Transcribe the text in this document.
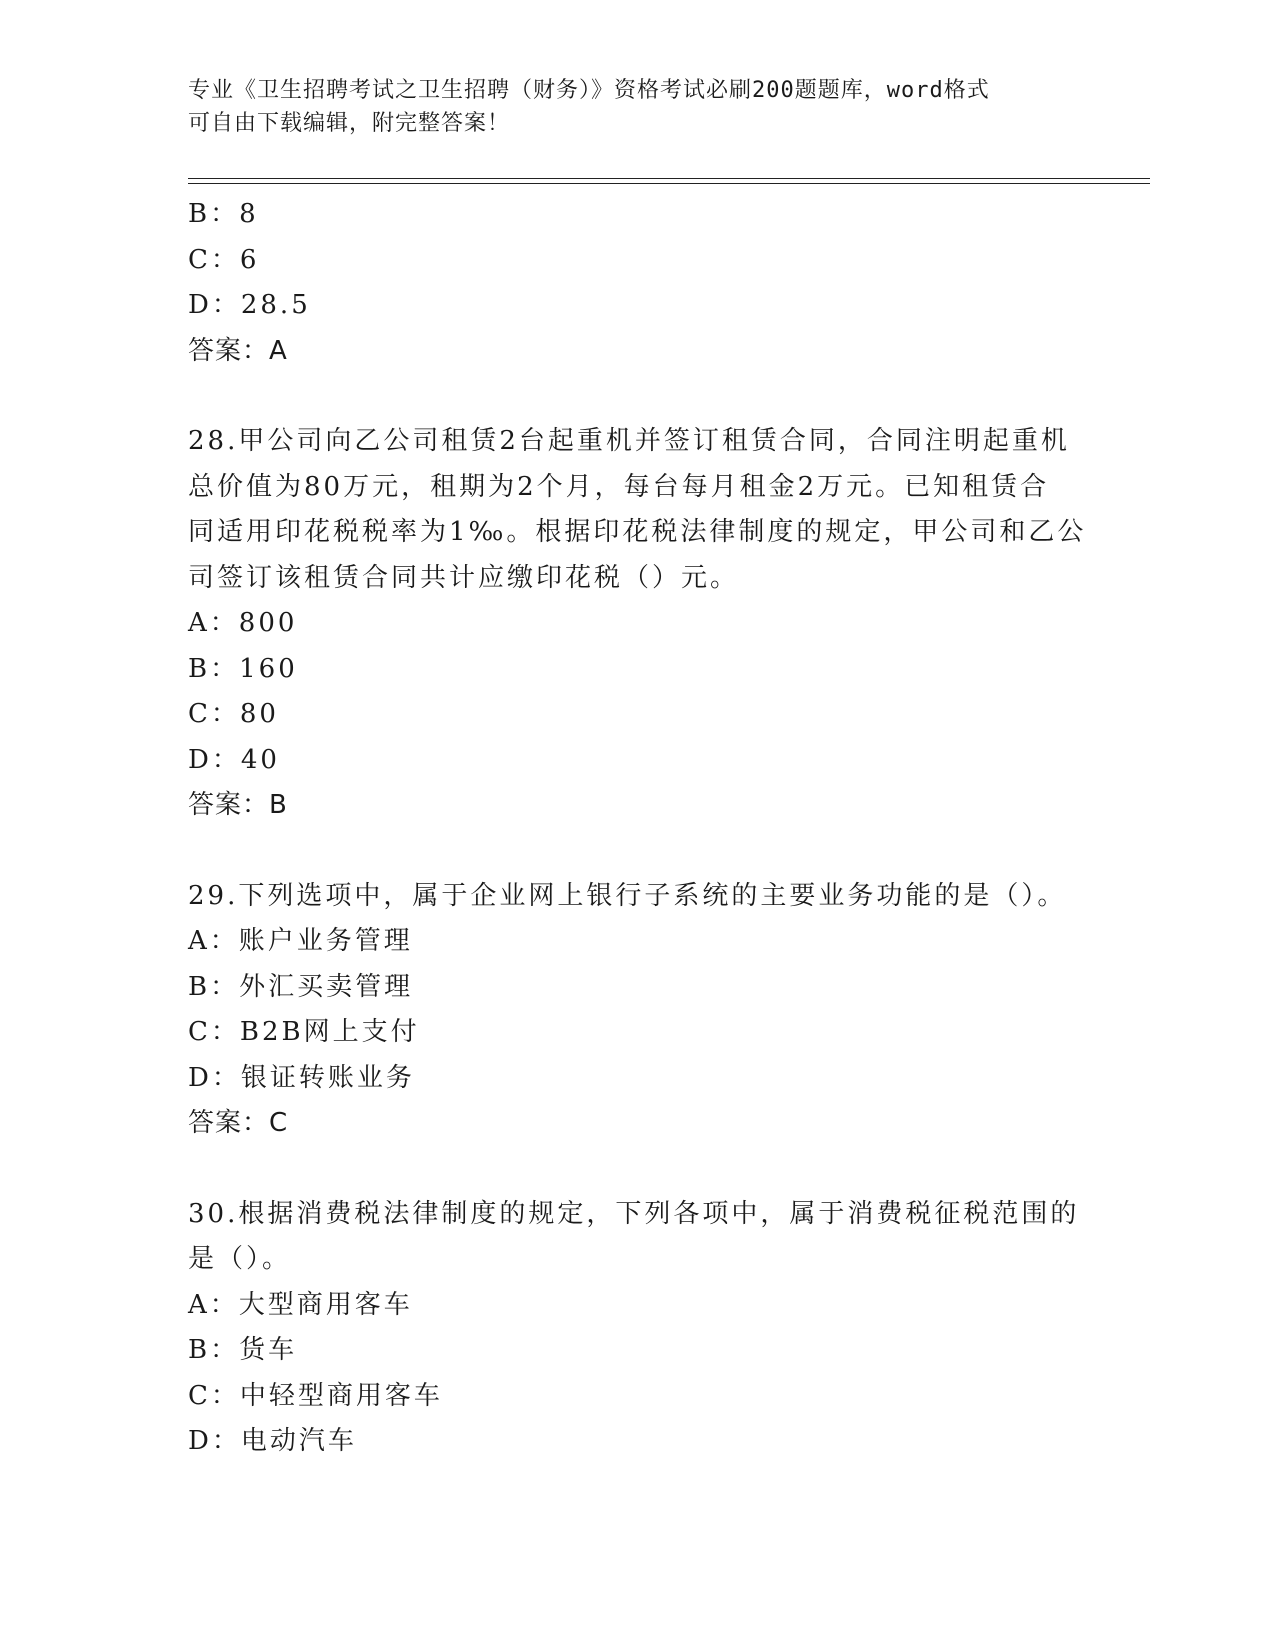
专业《卫生招聘考试之卫生招聘（财务）》资格考试必刷200题题库，word格式
可自由下载编辑，附完整答案！
B：8
C：6
D：28.5
答案：A
28.甲公司向乙公司租赁2台起重机并签订租赁合同，合同注明起重机
总价值为80万元，租期为2个月，每台每月租金2万元。已知租赁合
同适用印花税税率为1‰。根据印花税法律制度的规定，甲公司和乙公
司签订该租赁合同共计应缴印花税（）元。
A：800
B：160
C：80
D：40
答案：B
29.下列选项中，属于企业网上银行子系统的主要业务功能的是（）。
A：账户业务管理
B：外汇买卖管理
C：B2B网上支付
D：银证转账业务
答案：C
30.根据消费税法律制度的规定，下列各项中，属于消费税征税范围的
是（）。
A：大型商用客车
B：货车
C：中轻型商用客车
D：电动汽车
